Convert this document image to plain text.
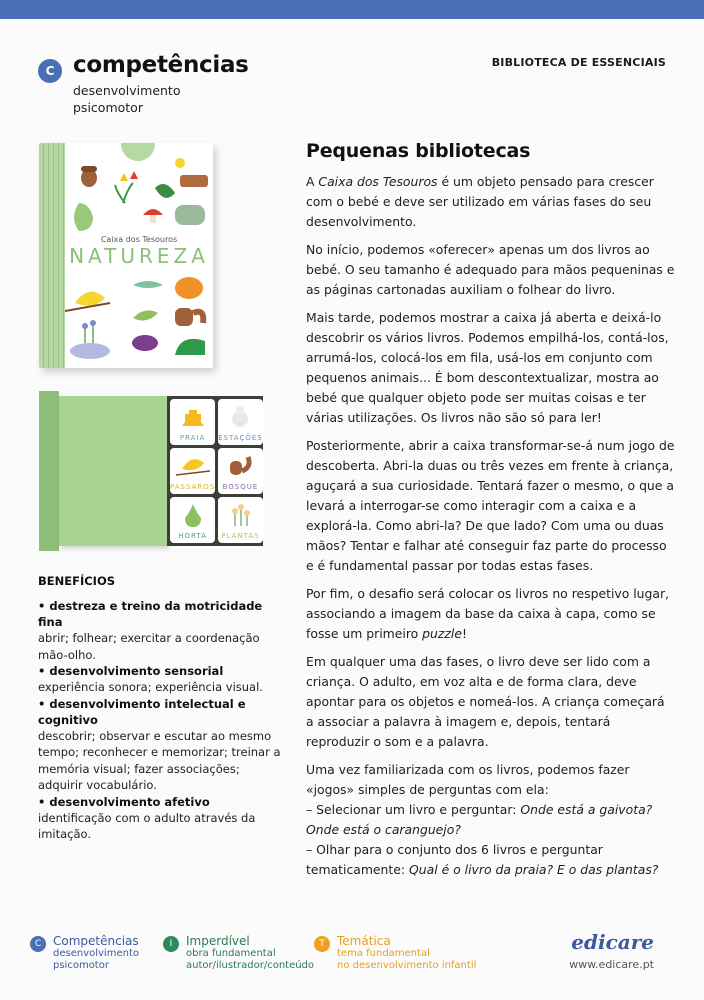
C competências
desenvolvimento
psicomotor
BIBLIOTECA DE ESSENCIAIS
Caixa dos Tesouros
NATUREZA
PRAIA ESTAÇÕES
PÁSSAROS BOSQUE
HORTA PLANTAS
BENEFÍCIOS
• destreza e treino da motricidade fina
abrir; folhear; exercitar a coordenação mão-olho.
• desenvolvimento sensorial
experiência sonora; experiência visual.
• desenvolvimento intelectual e cognitivo
descobrir; observar e escutar ao mesmo tempo; reconhecer e memorizar; treinar a memória visual; fazer associações; adquirir vocabulário.
• desenvolvimento afetivo
identificação com o adulto através da imitação.
Pequenas bibliotecas

A Caixa dos Tesouros é um objeto pensado para crescer com o bebé e deve ser utilizado em várias fases do seu desenvolvimento.

No início, podemos «oferecer» apenas um dos livros ao bebé. O seu tamanho é adequado para mãos pequeninas e as páginas cartonadas auxiliam o folhear do livro.

Mais tarde, podemos mostrar a caixa já aberta e deixá-lo descobrir os vários livros. Podemos empilhá-los, contá-los, arrumá-los, colocá-los em fila, usá-los em conjunto com pequenos animais... É bom descontextualizar, mostra ao bebé que qualquer objeto pode ser muitas coisas e ter várias utilizações. Os livros não são só para ler!

Posteriormente, abrir a caixa transformar-se-á num jogo de descoberta. Abri-la duas ou três vezes em frente à criança, aguçará a sua curiosidade. Tentará fazer o mesmo, o que a levará a interrogar-se como interagir com a caixa e a explorá-la. Como abri-la? De que lado? Com uma ou duas mãos? Tentar e falhar até conseguir faz parte do processo e é fundamental passar por todas estas fases.

Por fim, o desafio será colocar os livros no respetivo lugar, associando a imagem da base da caixa à capa, como se fosse um primeiro puzzle!

Em qualquer uma das fases, o livro deve ser lido com a criança. O adulto, em voz alta e de forma clara, deve apontar para os objetos e nomeá-los. A criança começará a associar a palavra à imagem e, depois, tentará reproduzir o som e a palavra.

Uma vez familiarizada com os livros, podemos fazer «jogos» simples de perguntas com ela:
– Selecionar um livro e perguntar: Onde está a gaivota? Onde está o caranguejo?
– Olhar para o conjunto dos 6 livros e perguntar tematicamente: Qual é o livro da praia? E o das plantas?

C Competências
desenvolvimento
psicomotor
I	Imperdível
obra fundamental
autor/ilustrador/conteúdo
T	Temática
tema fundamental
no desenvolvimento infantil
edicare
www.edicare.pt
